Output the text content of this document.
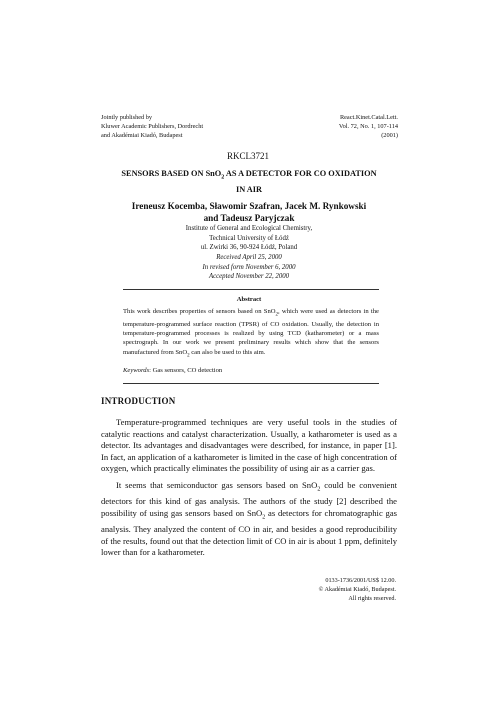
Jointly published by
Kluwer Academic Publishers, Dordrecht
and Akadémiai Kiadó, Budapest
React.Kinet.Catal.Lett.
Vol. 72, No. 1, 107-114
(2001)
RKCL3721
SENSORS BASED ON SnO$_2$ AS A DETECTOR FOR CO OXIDATION
IN AIR
Ireneusz Kocemba, Sławomir Szafran, Jacek M. Rynkowski
and Tadeusz Paryjczak
Institute of General and Ecological Chemistry,
Technical University of Łódź
ul. Zwirki 36, 90-924 Łódź, Poland
Received April 25, 2000
In revised form November 6, 2000
Accepted November 22, 2000
Abstract
This work describes properties of sensors based on SnO$_2$, which were used as detectors in the temperature-programmed surface reaction (TPSR) of CO oxidation. Usually, the detection in temperature-programmed processes is realized by using TCD (katharometer) or a mass spectrograph. In our work we present preliminary results which show that the sensors manufactured from SnO$_2$ can also be used to this aim.
Keywords: Gas sensors, CO detection
INTRODUCTION

Temperature-programmed techniques are very useful tools in the studies of catalytic reactions and catalyst characterization. Usually, a katharometer is used as a detector. Its advantages and disadvantages were described, for instance, in paper [1]. In fact, an application of a katharometer is limited in the case of high concentration of oxygen, which practically eliminates the possibility of using air as a carrier gas.

It seems that semiconductor gas sensors based on SnO$_2$ could be convenient detectors for this kind of gas analysis. The authors of the study [2] described the possibility of using gas sensors based on SnO$_2$ as detectors for chromatographic gas analysis. They analyzed the content of CO in air, and besides a good reproducibility of the results, found out that the detection limit of CO in air is about 1 ppm, definitely lower than for a katharometer.

0133-1736/2001/US$ 12.00.
© Akadémiai Kiadó, Budapest.
All rights reserved.
